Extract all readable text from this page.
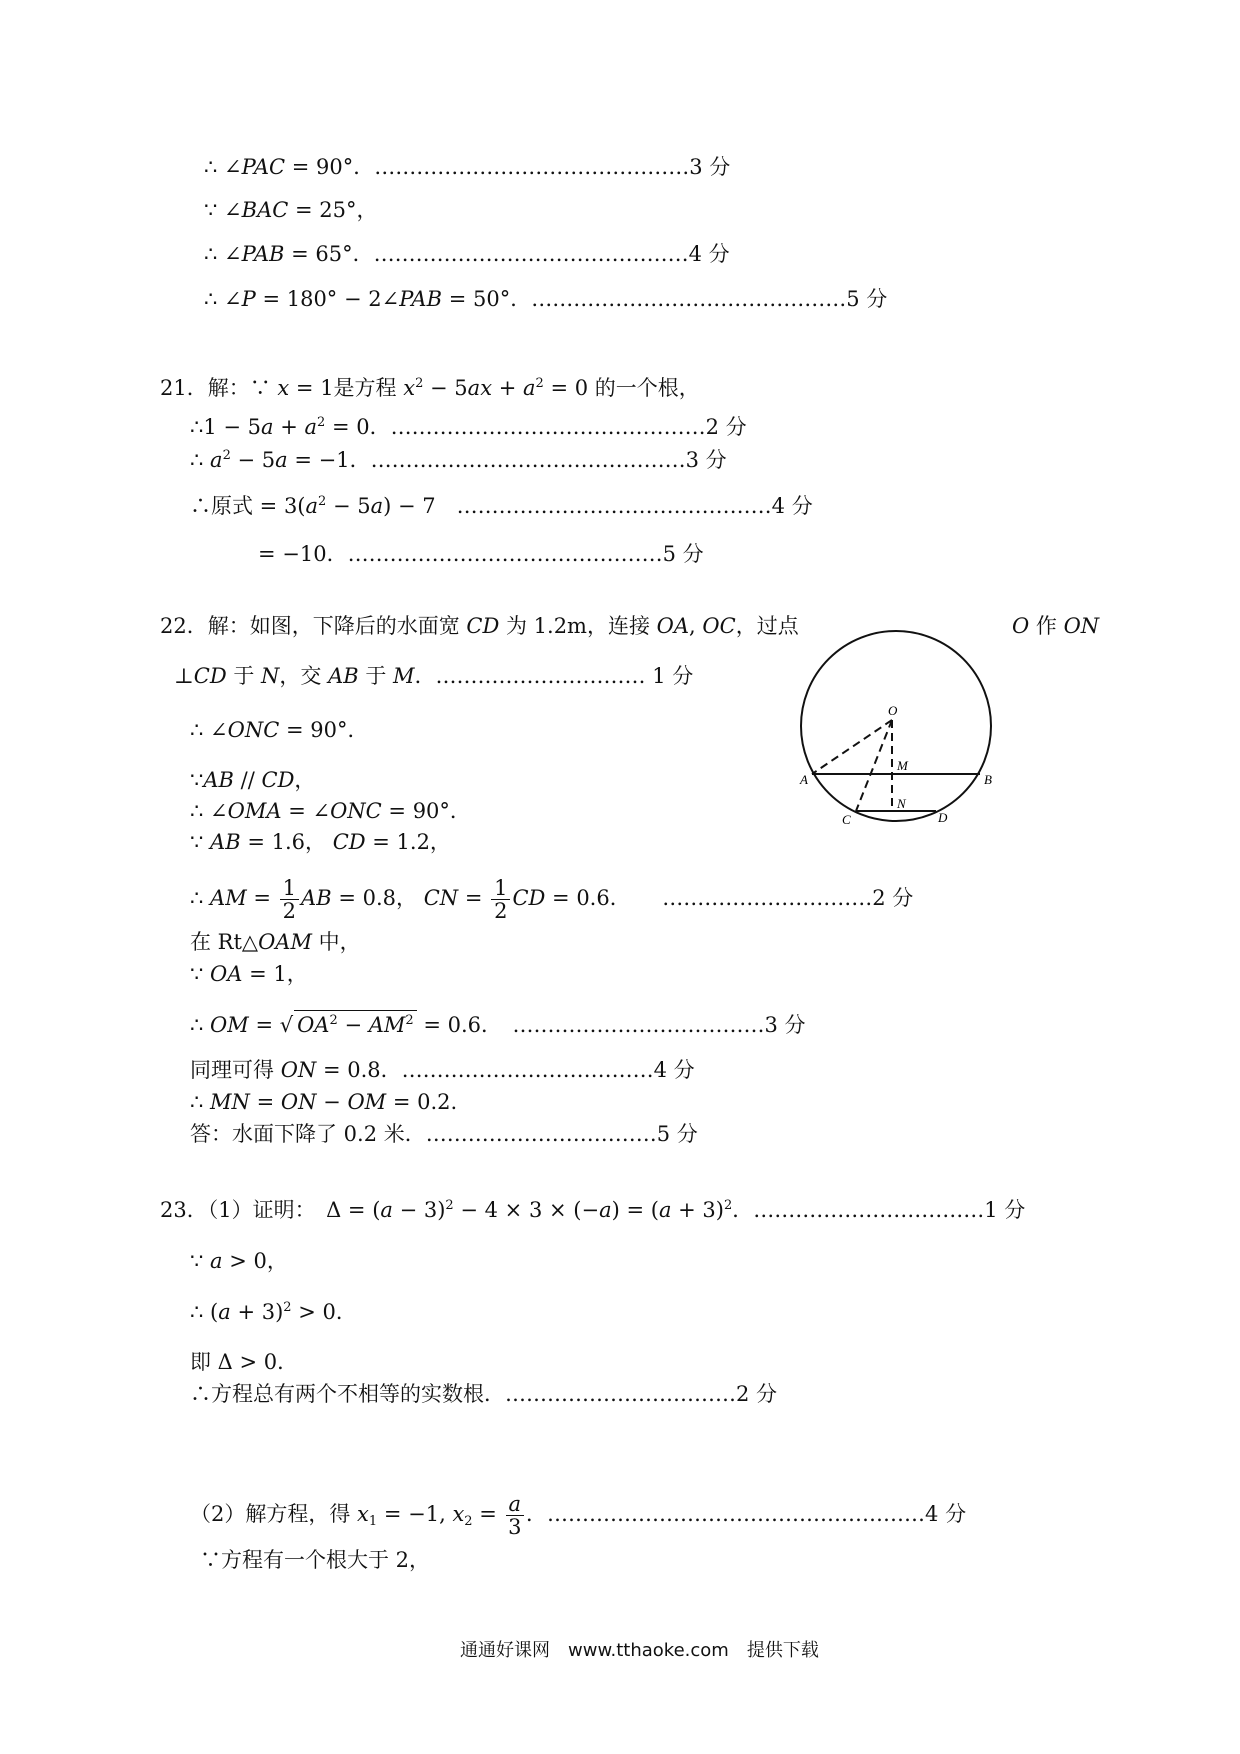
∴ ∠PAC = 90°．………………………………………3 分
∵ ∠BAC = 25°，
∴ ∠PAB = 65°．………………………………………4 分
∴ ∠P = 180° − 2∠PAB = 50°．………………………………………5 分
21．解：∵ x = 1是方程 $x^2 - 5ax + a^2 = 0$ 的一个根，
∴1 − $5a + a^2 = 0$．………………………………………2 分
∴ $a^2 - 5a = -1$．………………………………………3 分
∴原式 = $3(a^2 - 5a) - 7$　………………………………………4 分
= −10．………………………………………5 分
22．解：如图，下降后的水面宽 CD 为 1.2m，连接 OA, OC，过点	O 作 ON
⊥CD 于 N，交 AB 于 M．………………………… 1 分
∴ ∠ONC = 90°．
∵AB // CD，
∴ ∠OMA = ∠ONC = 90°．
∵ AB = 1.6， CD = 1.2，
∴ AM = $\frac{1}{2}$ AB = 0.8， CN = $\frac{1}{2}$ CD = 0.6．　　…………………………2 分
在 Rt△OAM 中，
∵ OA = 1，
∴ OM = √ $OA^2 - AM^2 = 0.6$．　………………………………3 分
同理可得 ON = 0.8．………………………………4 分
∴ MN = ON − OM = 0.2.
答：水面下降了 0.2 米．……………………………5 分
23．（1）证明：　$\Delta = (a - 3)^2 - 4 \times 3 \times (-a) = (a + 3)^2$．……………………………1 分
∵ a > 0，
∴ $(a + 3)^2 > 0$．
即 Δ > 0．
∴方程总有两个不相等的实数根．……………………………2 分
（2）解方程，得 $x_1 = -1$, $x_2 = \frac{a}{3}$ ．………………………………………………4 分
∵方程有一个根大于 2，
O
M
A	B
N
C	D
通通好课网　www.tthaoke.com　提供下载
